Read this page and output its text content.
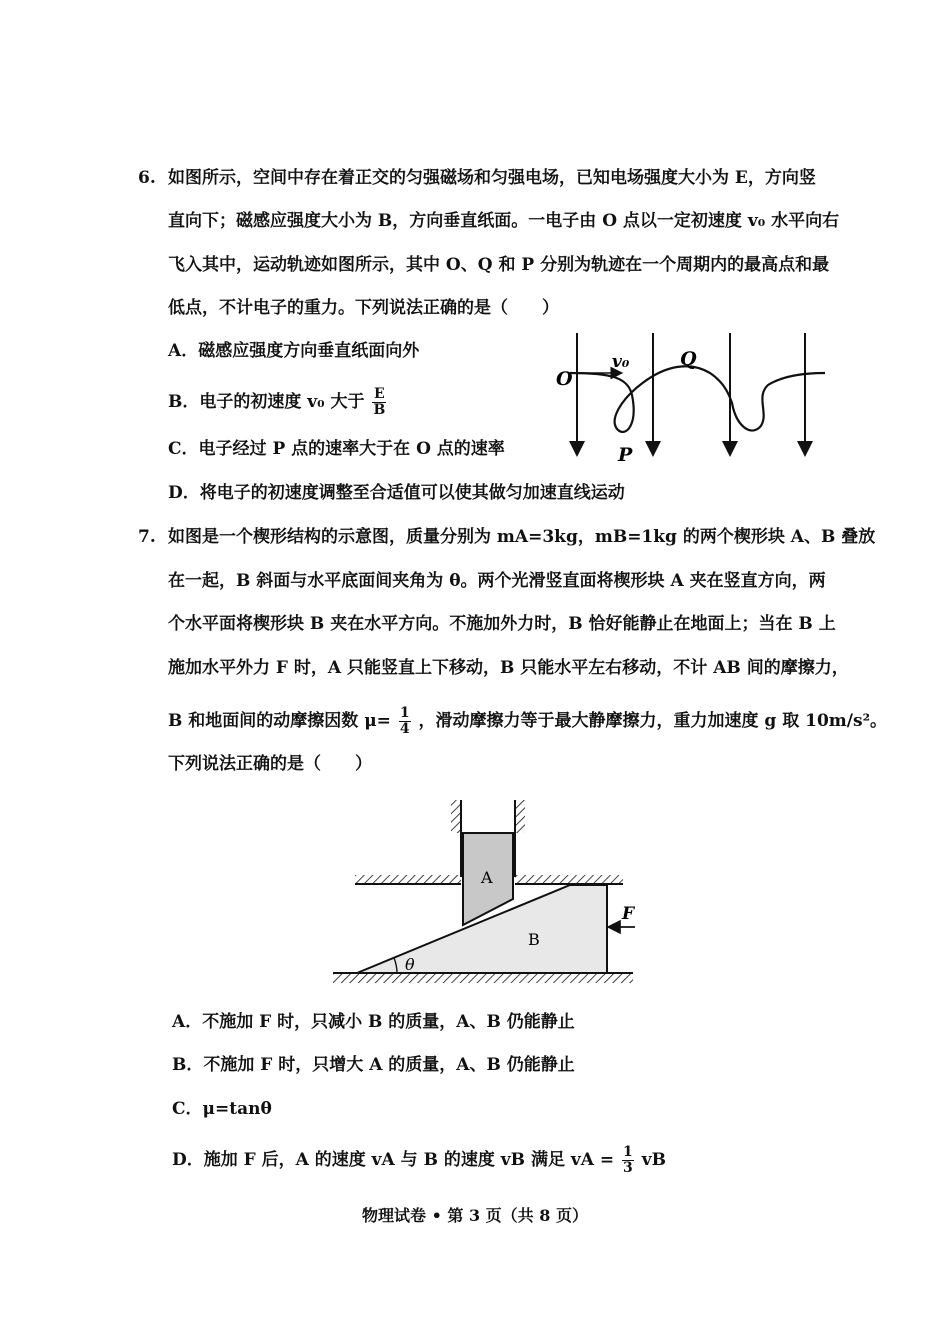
6. 如图所示，空间中存在着正交的匀强磁场和匀强电场，已知电场强度大小为 E，方向竖
直向下；磁感应强度大小为 B，方向垂直纸面。一电子由 O 点以一定初速度 v₀ 水平向右
飞入其中，运动轨迹如图所示，其中 O、Q 和 P 分别为轨迹在一个周期内的最高点和最
低点，不计电子的重力。下列说法正确的是（　　）
A．磁感应强度方向垂直纸面向外
B．电子的初速度 v₀ 大于 $\frac{E}{B}$
C．电子经过 P 点的速率大于在 O 点的速率
D．将电子的初速度调整至合适值可以使其做匀加速直线运动
O
v₀	Q
P
7. 如图是一个楔形结构的示意图，质量分别为 mA=3kg，mB=1kg 的两个楔形块 A、B 叠放
在一起，B 斜面与水平底面间夹角为 θ。两个光滑竖直面将楔形块 A 夹在竖直方向，两
个水平面将楔形块 B 夹在水平方向。不施加外力时，B 恰好能静止在地面上；当在 B 上
施加水平外力 F 时，A 只能竖直上下移动，B 只能水平左右移动，不计 AB 间的摩擦力，
B 和地面间的动摩擦因数 $\mu= \frac{1}{4}$ ，滑动摩擦力等于最大静摩擦力，重力加速度 g 取 10m/s²。
下列说法正确的是（　　）
A
B
F
θ
A．不施加 F 时，只减小 B 的质量，A、B 仍能静止
B．不施加 F 时，只增大 A 的质量，A、B 仍能静止
C．μ=tanθ
D．施加 F 后，A 的速度 vA 与 B 的速度 vB 满足 vA = $\frac{1}{3}$ vB
物理试卷 • 第 3 页（共 8 页）
